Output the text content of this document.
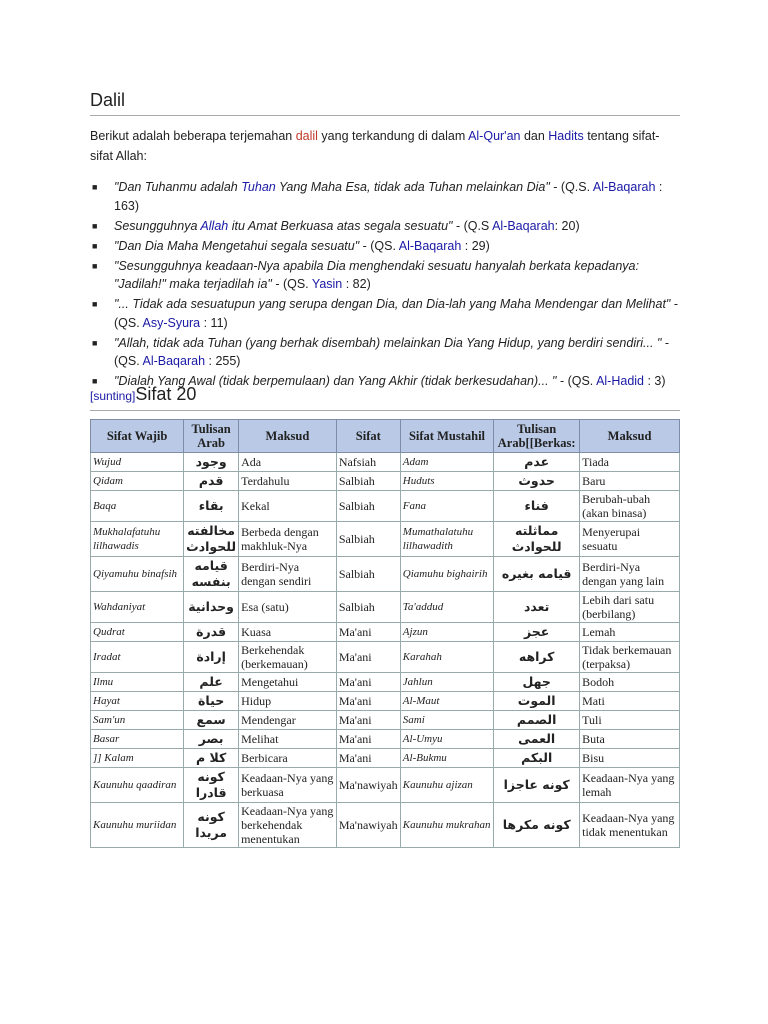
Dalil

Berikut adalah beberapa terjemahan dalil yang terkandung di dalam Al-Qur'an dan Hadits tentang sifat-sifat Allah:

■ "Dan Tuhanmu adalah Tuhan Yang Maha Esa, tidak ada Tuhan melainkan Dia" - (Q.S. Al-Baqarah : 163)
■ Sesungguhnya Allah itu Amat Berkuasa atas segala sesuatu" - (Q.S Al-Baqarah: 20)
■ "Dan Dia Maha Mengetahui segala sesuatu" - (QS. Al-Baqarah : 29)
■ "Sesungguhnya keadaan-Nya apabila Dia menghendaki sesuatu hanyalah berkata kepadanya: "Jadilah!" maka terjadilah ia" - (QS. Yasin : 82)
■ "... Tidak ada sesuatupun yang serupa dengan Dia, dan Dia-lah yang Maha Mendengar dan Melihat" - (QS. Asy-Syura : 11)
■ "Allah, tidak ada Tuhan (yang berhak disembah) melainkan Dia Yang Hidup, yang berdiri sendiri... " - (QS. Al-Baqarah : 255)
■ "Dialah Yang Awal (tidak berpemulaan) dan Yang Akhir (tidak berkesudahan)... " - (QS. Al-Hadid : 3)
[sunting]Sifat 20
Sifat Wajib	Tulisan Arab	Maksud	Sifat	Sifat Mustahil	Tulisan Arab[[Berkas:	Maksud
Wujud	وجود	Ada	Nafsiah	Adam	عدم	Tiada
Qidam	قدم	Terdahulu	Salbiah	Huduts	حدوث	Baru
Baqa	بقاء	Kekal	Salbiah	Fana	فناء	Berubah-ubah (akan binasa)
Mukhalafatuhu lilhawadis	مخالفته للحوادث	Berbeda dengan makhluk-Nya	Salbiah	Mumathalatuhu lilhawadith	مماثلته للحوادث	Menyerupai sesuatu
Qiyamuhu binafsih	قيامه بنفسه	Berdiri-Nya dengan sendiri	Salbiah	Qiamuhu bighairih	قيامه بغيره	Berdiri-Nya dengan yang lain
Wahdaniyat	وحدانية	Esa (satu)	Salbiah	Ta'addud	تعدد	Lebih dari satu (berbilang)
Qudrat	قدرة	Kuasa	Ma'ani	Ajzun	عجز	Lemah
Iradat	إرادة	Berkehendak (berkemauan)	Ma'ani	Karahah	كراهه	Tidak berkemauan (terpaksa)
Ilmu	علم	Mengetahui	Ma'ani	Jahlun	جهل	Bodoh
Hayat	حياة	Hidup	Ma'ani	Al-Maut	الموت	Mati
Sam'un	سمع	Mendengar	Ma'ani	Sami	الصمم	Tuli
Basar	بصر	Melihat	Ma'ani	Al-Umyu	العمى	Buta
]] Kalam	كلا م	Berbicara	Ma'ani	Al-Bukmu	البكم	Bisu
Kaunuhu qaadiran	كونه قادرا	Keadaan-Nya yang berkuasa	Ma'nawiyah	Kaunuhu ajizan	كونه عاجزا	Keadaan-Nya yang lemah
Kaunuhu muriidan	كونه مريدا	Keadaan-Nya yang berkehendak menentukan	Ma'nawiyah	Kaunuhu mukrahan	كونه مكرها	Keadaan-Nya yang tidak menentukan
